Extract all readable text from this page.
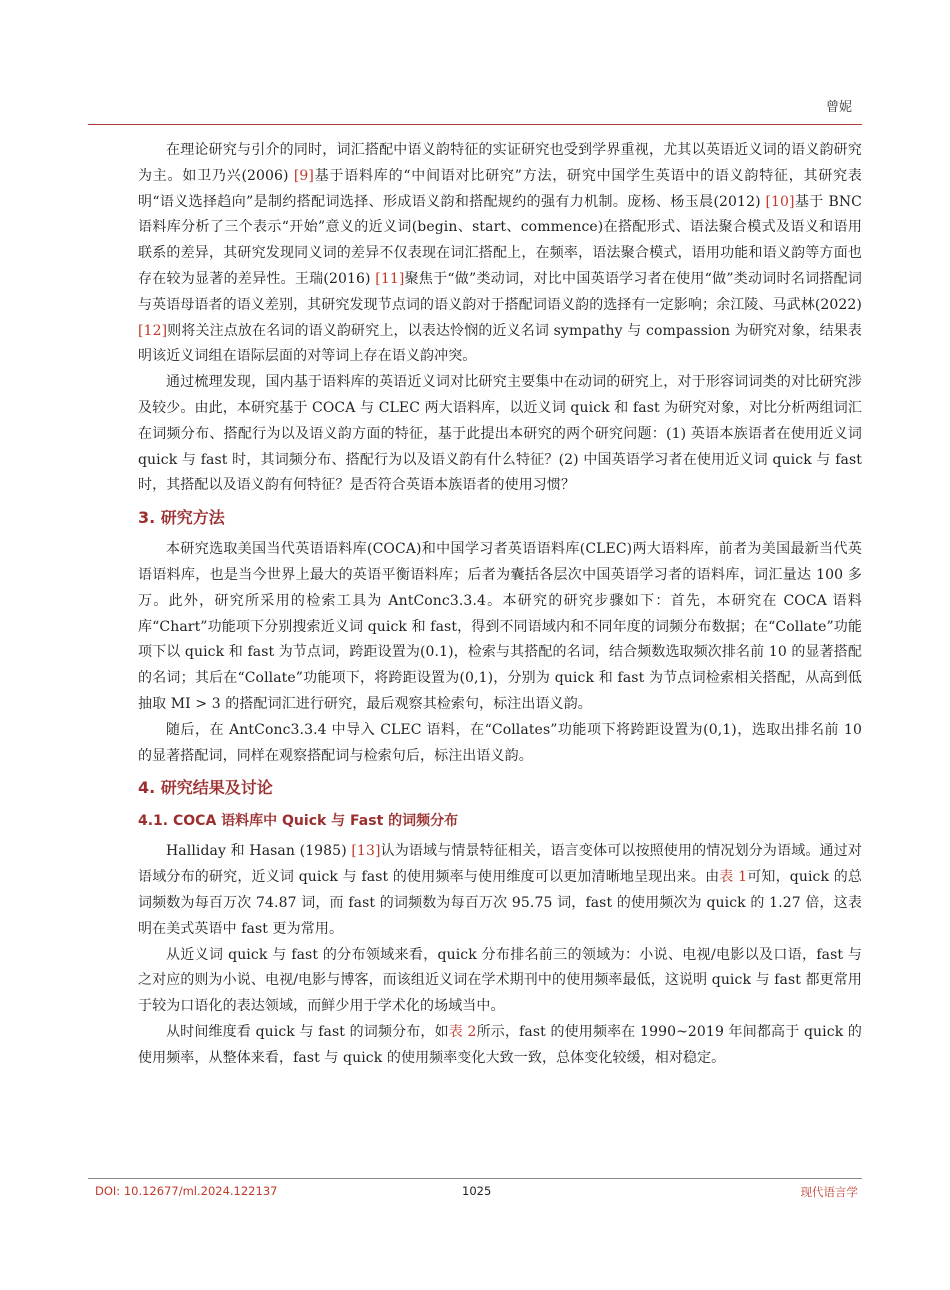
曾妮

在理论研究与引介的同时，词汇搭配中语义韵特征的实证研究也受到学界重视，尤其以英语近义词的语义韵研究为主。如卫乃兴(2006) [9]基于语料库的“中间语对比研究”方法，研究中国学生英语中的语义韵特征，其研究表明“语义选择趋向”是制约搭配词选择、形成语义韵和搭配规约的强有力机制。庞杨、杨玉晨(2012) [10]基于 BNC 语料库分析了三个表示“开始”意义的近义词(begin、start、commence)在搭配形式、语法聚合模式及语义和语用联系的差异，其研究发现同义词的差异不仅表现在词汇搭配上，在频率，语法聚合模式，语用功能和语义韵等方面也存在较为显著的差异性。王瑞(2016) [11]聚焦于“做”类动词，对比中国英语学习者在使用“做”类动词时名词搭配词与英语母语者的语义差别，其研究发现节点词的语义韵对于搭配词语义韵的选择有一定影响；余江陵、马武林(2022) [12]则将关注点放在名词的语义韵研究上，以表达怜悯的近义名词 sympathy 与 compassion 为研究对象，结果表明该近义词组在语际层面的对等词上存在语义韵冲突。

通过梳理发现，国内基于语料库的英语近义词对比研究主要集中在动词的研究上，对于形容词词类的对比研究涉及较少。由此，本研究基于 COCA 与 CLEC 两大语料库，以近义词 quick 和 fast 为研究对象，对比分析两组词汇在词频分布、搭配行为以及语义韵方面的特征，基于此提出本研究的两个研究问题：(1) 英语本族语者在使用近义词 quick 与 fast 时，其词频分布、搭配行为以及语义韵有什么特征？(2) 中国英语学习者在使用近义词 quick 与 fast 时，其搭配以及语义韵有何特征？是否符合英语本族语者的使用习惯？

3. 研究方法

本研究选取美国当代英语语料库(COCA)和中国学习者英语语料库(CLEC)两大语料库，前者为美国最新当代英语语料库，也是当今世界上最大的英语平衡语料库；后者为囊括各层次中国英语学习者的语料库，词汇量达 100 多万。此外，研究所采用的检索工具为 AntConc3.3.4。本研究的研究步骤如下：首先，本研究在 COCA 语料库“Chart”功能项下分别搜索近义词 quick 和 fast，得到不同语域内和不同年度的词频分布数据；在“Collate”功能项下以 quick 和 fast 为节点词，跨距设置为(0.1)，检索与其搭配的名词，结合频数选取频次排名前 10 的显著搭配的名词；其后在“Collate”功能项下，将跨距设置为(0,1)，分别为 quick 和 fast 为节点词检索相关搭配，从高到低抽取 MI > 3 的搭配词汇进行研究，最后观察其检索句，标注出语义韵。

随后，在 AntConc3.3.4 中导入 CLEC 语料，在“Collates”功能项下将跨距设置为(0,1)，选取出排名前 10 的显著搭配词，同样在观察搭配词与检索句后，标注出语义韵。

4. 研究结果及讨论
4.1. COCA 语料库中 Quick 与 Fast 的词频分布

Halliday 和 Hasan (1985) [13]认为语域与情景特征相关，语言变体可以按照使用的情况划分为语域。通过对语域分布的研究，近义词 quick 与 fast 的使用频率与使用维度可以更加清晰地呈现出来。由表 1可知，quick 的总词频数为每百万次 74.87 词，而 fast 的词频数为每百万次 95.75 词，fast 的使用频次为 quick 的 1.27 倍，这表明在美式英语中 fast 更为常用。

从近义词 quick 与 fast 的分布领域来看，quick 分布排名前三的领域为：小说、电视/电影以及口语，fast 与之对应的则为小说、电视/电影与博客，而该组近义词在学术期刊中的使用频率最低，这说明 quick 与 fast 都更常用于较为口语化的表达领域，而鲜少用于学术化的场域当中。

从时间维度看 quick 与 fast 的词频分布，如表 2所示，fast 的使用频率在 1990~2019 年间都高于 quick 的使用频率，从整体来看，fast 与 quick 的使用频率变化大致一致，总体变化较缓，相对稳定。

DOI: 10.12677/ml.2024.122137	1025	现代语言学
